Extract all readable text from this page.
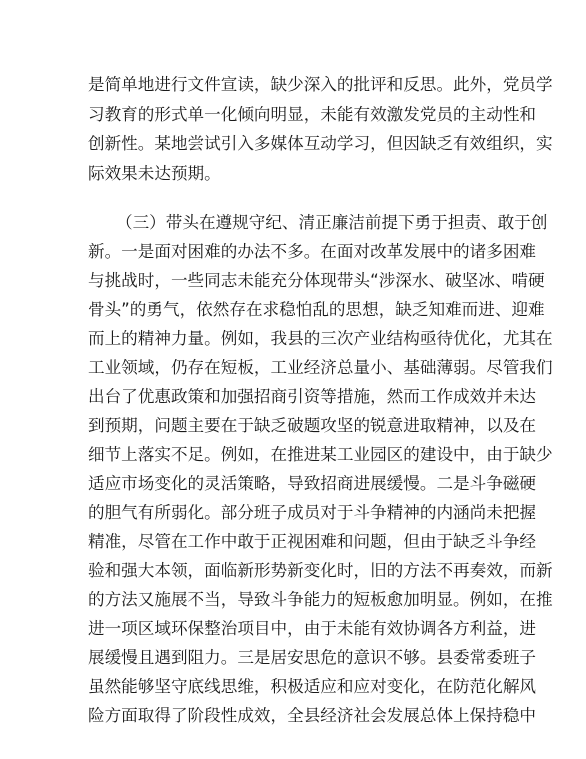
是简单地进行文件宣读，缺少深入的批评和反思。此外，党员学
习教育的形式单一化倾向明显，未能有效激发党员的主动性和
创新性。某地尝试引入多媒体互动学习，但因缺乏有效组织，实
际效果未达预期。
（三）带头在遵规守纪、清正廉洁前提下勇于担责、敢于创
新。一是面对困难的办法不多。在面对改革发展中的诸多困难
与挑战时，一些同志未能充分体现带头“涉深水、破坚冰、啃硬
骨头”的勇气，依然存在求稳怕乱的思想，缺乏知难而进、迎难
而上的精神力量。例如，我县的三次产业结构亟待优化，尤其在
工业领域，仍存在短板，工业经济总量小、基础薄弱。尽管我们
出台了优惠政策和加强招商引资等措施，然而工作成效并未达
到预期，问题主要在于缺乏破题攻坚的锐意进取精神，以及在
细节上落实不足。例如，在推进某工业园区的建设中，由于缺少
适应市场变化的灵活策略，导致招商进展缓慢。二是斗争磁硬
的胆气有所弱化。部分班子成员对于斗争精神的内涵尚未把握
精准，尽管在工作中敢于正视困难和问题，但由于缺乏斗争经
验和强大本领，面临新形势新变化时，旧的方法不再奏效，而新
的方法又施展不当，导致斗争能力的短板愈加明显。例如，在推
进一项区域环保整治项目中，由于未能有效协调各方利益，进
展缓慢且遇到阻力。三是居安思危的意识不够。县委常委班子
虽然能够坚守底线思维，积极适应和应对变化，在防范化解风
险方面取得了阶段性成效，全县经济社会发展总体上保持稳中
